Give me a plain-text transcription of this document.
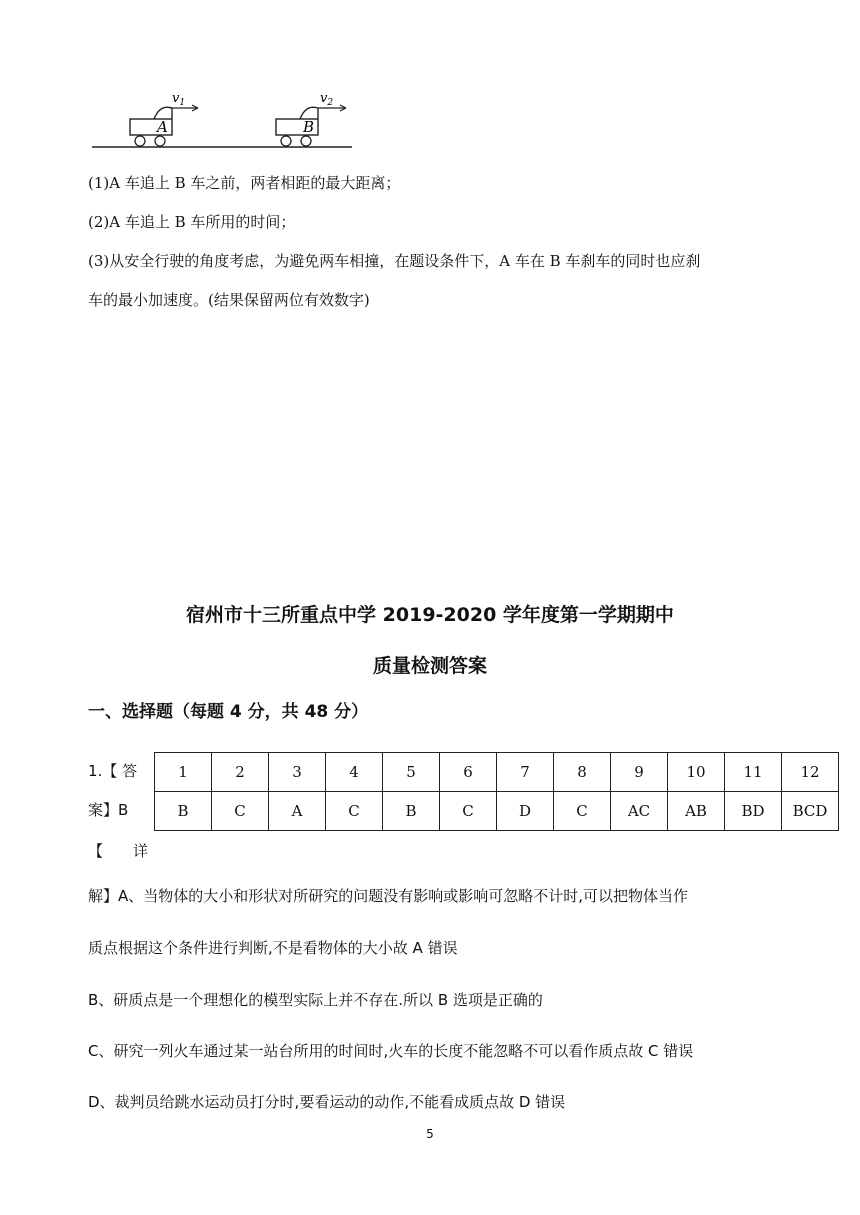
A
$v_1$
B
$v_2$
(1)A 车追上 B 车之前，两者相距的最大距离；
(2)A 车追上 B 车所用的时间；
(3)从安全行驶的角度考虑，为避免两车相撞，在题设条件下，A 车在 B 车刹车的同时也应刹
车的最小加速度。(结果保留两位有效数字)
宿州市十三所重点中学 2019-2020 学年度第一学期期中
质量检测答案
一、选择题（每题 4 分，共 48 分）
1.【 答
案】B
【　　详
1	2	3	4	5	6	7	8	9	10	11	12
B	C	A	C	B	C	D	C	AC	AB	BD	BCD
解】A、当物体的大小和形状对所研究的问题没有影响或影响可忽略不计时,可以把物体当作
质点根据这个条件进行判断,不是看物体的大小故 A 错误
B、研质点是一个理想化的模型实际上并不存在.所以 B 选项是正确的
C、研究一列火车通过某一站台所用的时间时,火车的长度不能忽略不可以看作质点故 C 错误
D、裁判员给跳水运动员打分时,要看运动的动作,不能看成质点故 D 错误
5
